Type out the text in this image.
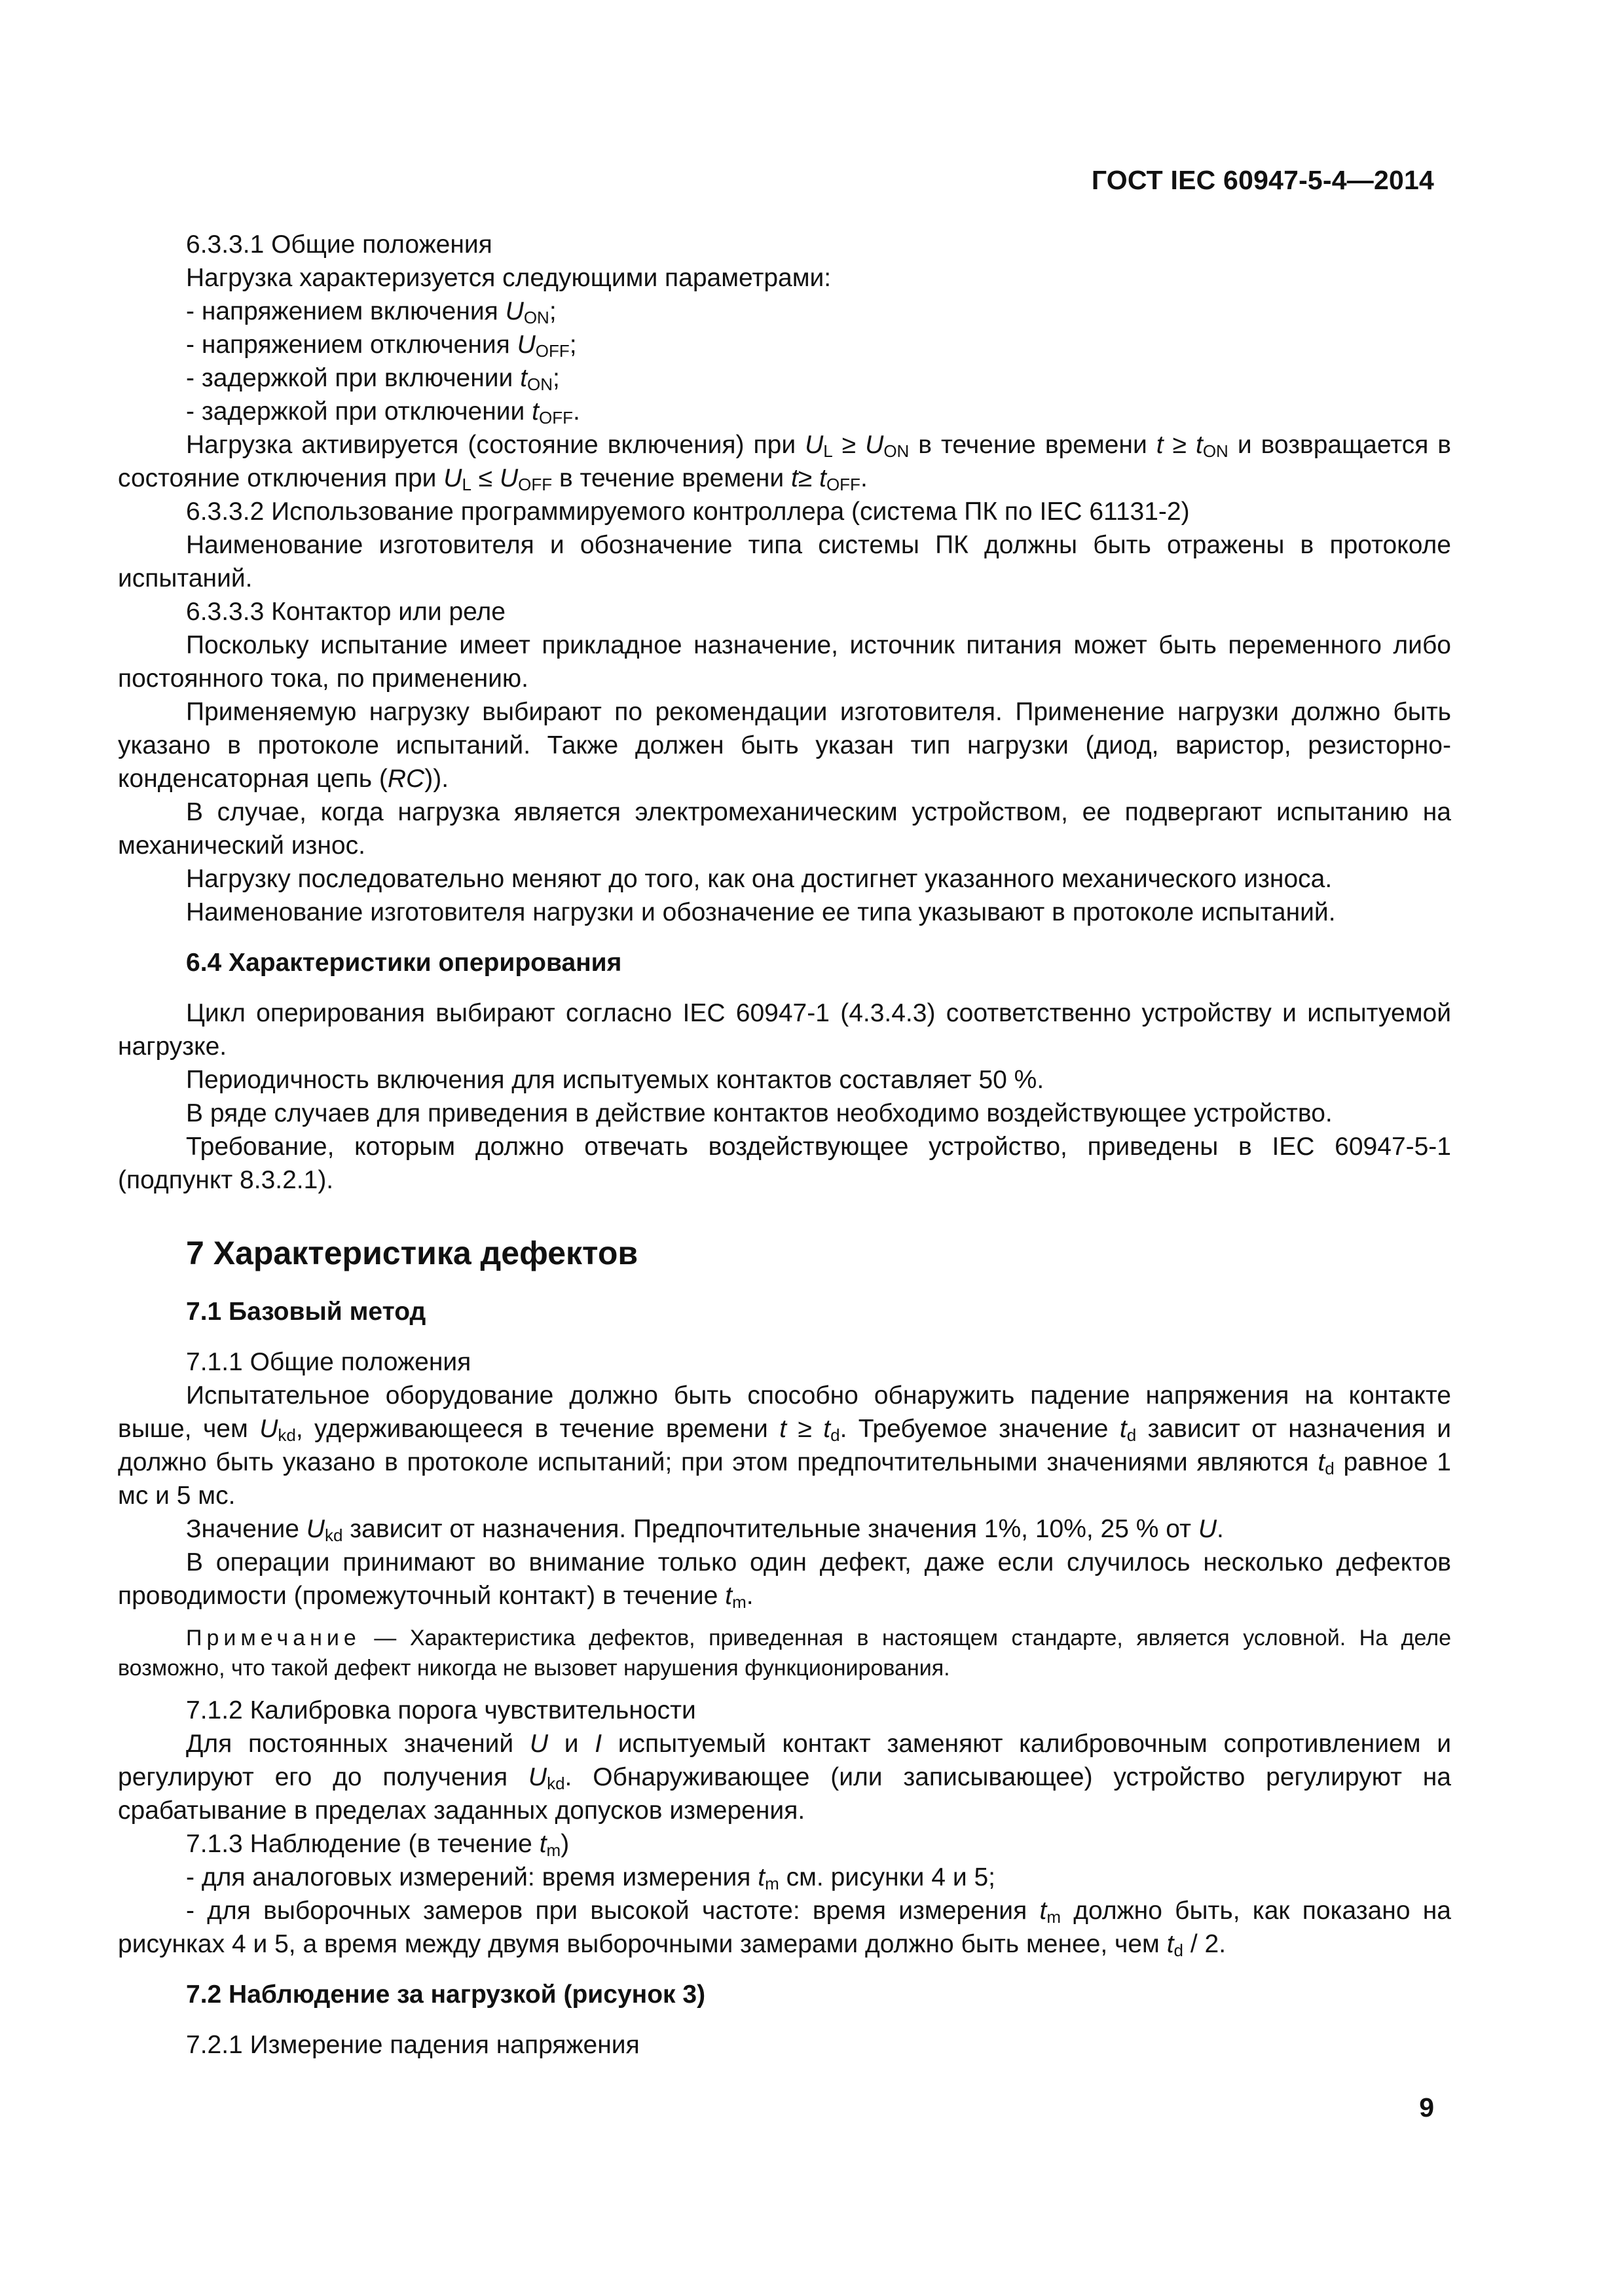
ГОСТ IEC 60947-5-4—2014

6.3.3.1 Общие положения

Нагрузка характеризуется следующими параметрами:

- напряжением включения $U_{ON}$;

- напряжением отключения $U_{OFF}$;

- задержкой при включении $t_{ON}$;

- задержкой при отключении $t_{OFF}$.

Нагрузка активируется (состояние включения) при $U_L \ge U_{ON}$ в течение времени $t \ge t_{ON}$ и возвращается в состояние отключения при $U_L \le U_{OFF}$ в течение времени $t\ge t_{OFF}$.

6.3.3.2 Использование программируемого контроллера (система ПК по IEC 61131-2)

Наименование изготовителя и обозначение типа системы ПК должны быть отражены в протоколе испытаний.

6.3.3.3 Контактор или реле

Поскольку испытание имеет прикладное назначение, источник питания может быть переменного либо постоянного тока, по применению.

Применяемую нагрузку выбирают по рекомендации изготовителя. Применение нагрузки должно быть указано в протоколе испытаний. Также должен быть указан тип нагрузки (диод, варистор, резисторно-конденсаторная цепь (RC)).

В случае, когда нагрузка является электромеханическим устройством, ее подвергают испытанию на механический износ.

Нагрузку последовательно меняют до того, как она достигнет указанного механического износа.

Наименование изготовителя нагрузки и обозначение ее типа указывают в протоколе испытаний.

6.4 Характеристики оперирования

Цикл оперирования выбирают согласно IEC 60947-1 (4.3.4.3) соответственно устройству и испытуемой нагрузке.

Периодичность включения для испытуемых контактов составляет 50 %.

В ряде случаев для приведения в действие контактов необходимо воздействующее устройство.

Требование, которым должно отвечать воздействующее устройство, приведены в IEC 60947-5-1 (подпункт 8.3.2.1).

7 Характеристика дефектов

7.1 Базовый метод

7.1.1 Общие положения

Испытательное оборудование должно быть способно обнаружить падение напряжения на контакте выше, чем $U_{kd}$, удерживающееся в течение времени $t \ge t_d$. Требуемое значение $t_d$ зависит от назначения и должно быть указано в протоколе испытаний; при этом предпочтительными значениями являются $t_d$ равное 1 мс и 5 мс.

Значение $U_{kd}$ зависит от назначения. Предпочтительные значения 1%, 10%, 25 % от U.

В операции принимают во внимание только один дефект, даже если случилось несколько дефектов проводимости (промежуточный контакт) в течение $t_m$.

Примечание — Характеристика дефектов, приведенная в настоящем стандарте, является условной. На деле возможно, что такой дефект никогда не вызовет нарушения функционирования.

7.1.2 Калибровка порога чувствительности

Для постоянных значений U и I испытуемый контакт заменяют калибровочным сопротивлением и регулируют его до получения $U_{kd}$. Обнаруживающее (или записывающее) устройство регулируют на срабатывание в пределах заданных допусков измерения.

7.1.3 Наблюдение (в течение $t_m$)

- для аналоговых измерений: время измерения $t_m$ см. рисунки 4 и 5;

- для выборочных замеров при высокой частоте: время измерения $t_m$ должно быть, как показано на рисунках 4 и 5, а время между двумя выборочными замерами должно быть менее, чем $t_d / 2$.

7.2 Наблюдение за нагрузкой (рисунок 3)

7.2.1 Измерение падения напряжения

9
